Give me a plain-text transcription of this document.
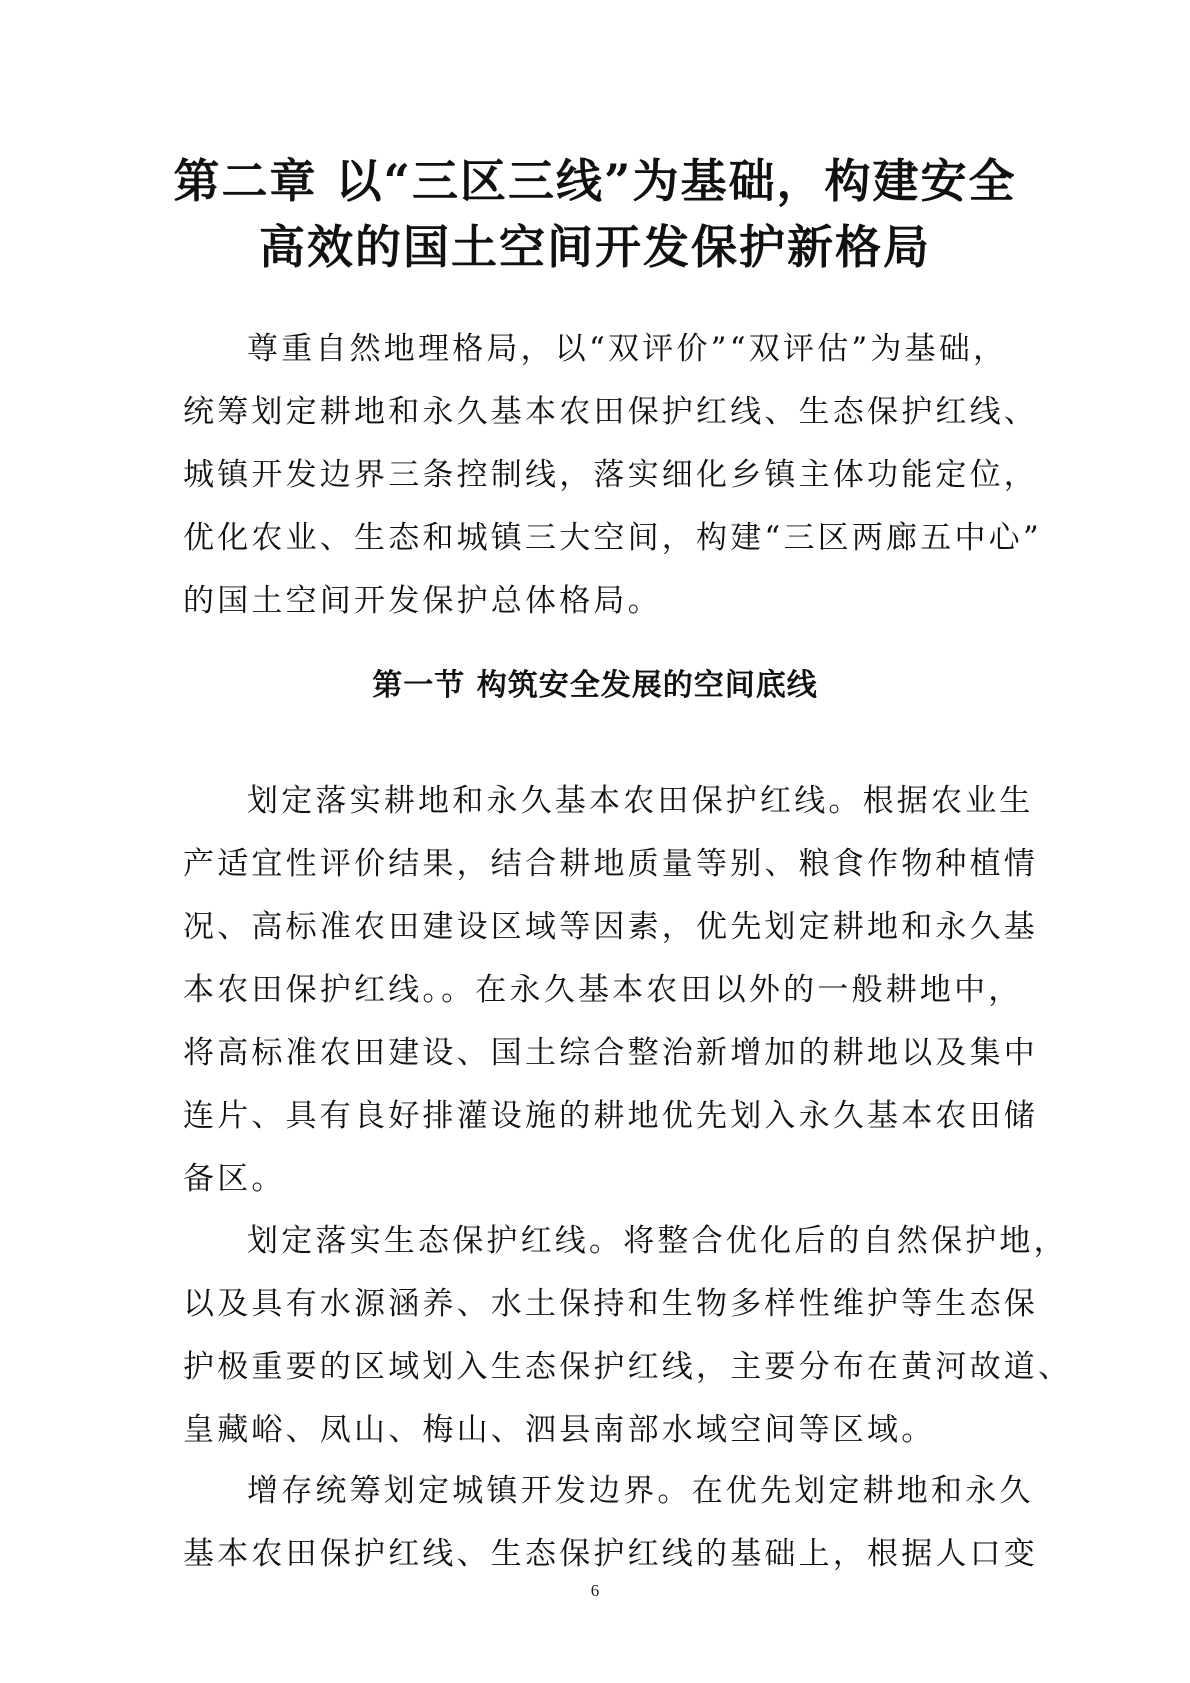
第二章 以“三区三线”为基础，构建安全
高效的国土空间开发保护新格局
尊重自然地理格局，以“双评价”“双评估”为基础，
统筹划定耕地和永久基本农田保护红线、生态保护红线、
城镇开发边界三条控制线，落实细化乡镇主体功能定位，
优化农业、生态和城镇三大空间，构建“三区两廊五中心”
的国土空间开发保护总体格局。
第一节 构筑安全发展的空间底线
划定落实耕地和永久基本农田保护红线。根据农业生
产适宜性评价结果，结合耕地质量等别、粮食作物种植情
况、高标准农田建设区域等因素，优先划定耕地和永久基
本农田保护红线。。在永久基本农田以外的一般耕地中，
将高标准农田建设、国土综合整治新增加的耕地以及集中
连片、具有良好排灌设施的耕地优先划入永久基本农田储
备区。
划定落实生态保护红线。将整合优化后的自然保护地，
以及具有水源涵养、水土保持和生物多样性维护等生态保
护极重要的区域划入生态保护红线，主要分布在黄河故道、
皇藏峪、凤山、梅山、泗县南部水域空间等区域。
增存统筹划定城镇开发边界。在优先划定耕地和永久
基本农田保护红线、生态保护红线的基础上，根据人口变
6
